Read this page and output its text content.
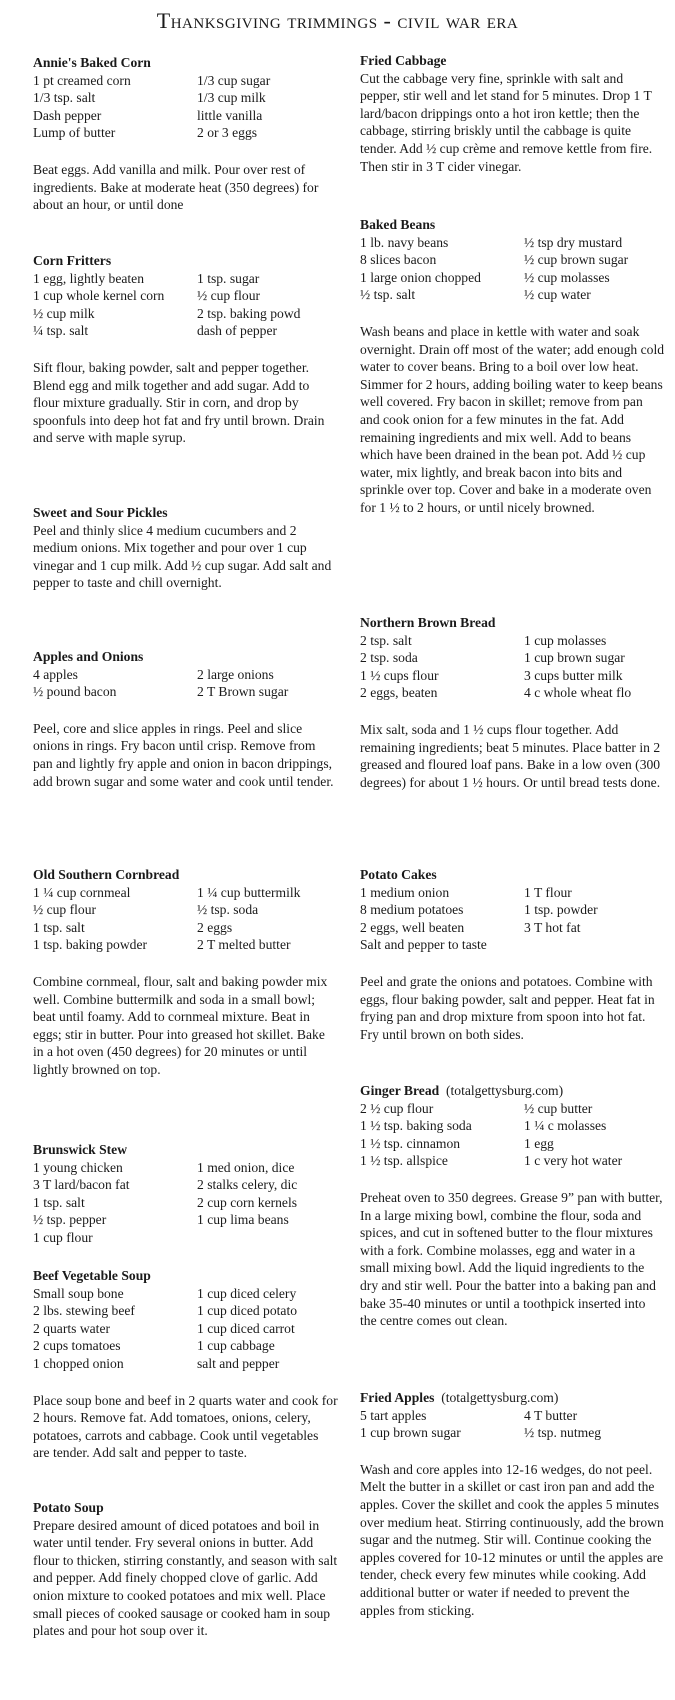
Thanksgiving trimmings - civil war era
Annie's Baked Corn
1 pt creamed corn	1/3 cup sugar
1/3 tsp. salt	1/3 cup milk
Dash pepper	little vanilla
Lump of butter	2 or 3 eggs
Beat eggs. Add vanilla and milk. Pour over rest of ingredients. Bake at moderate heat (350 degrees) for about an hour, or until done
Corn Fritters
1 egg, lightly beaten	1 tsp. sugar
1 cup whole kernel corn	½ cup flour
½ cup milk	2 tsp. baking powd
¼ tsp. salt	dash of pepper
Sift flour, baking powder, salt and pepper together. Blend egg and milk together and add sugar. Add to flour mixture gradually. Stir in corn, and drop by spoonfuls into deep hot fat and fry until brown. Drain and serve with maple syrup.
Sweet and Sour Pickles
Peel and thinly slice 4 medium cucumbers and 2 medium onions. Mix together and pour over 1 cup vinegar and 1 cup milk. Add ½ cup sugar. Add salt and pepper to taste and chill overnight.
Apples and Onions
4 apples	2 large onions
½ pound bacon	2 T Brown sugar
Peel, core and slice apples in rings. Peel and slice onions in rings. Fry bacon until crisp. Remove from pan and lightly fry apple and onion in bacon drippings, add brown sugar and some water and cook until tender.
Old Southern Cornbread
1 ¼ cup cornmeal	1 ¼ cup buttermilk
½ cup flour	½ tsp. soda
1 tsp. salt	2 eggs
1 tsp. baking powder	2 T melted butter
Combine cornmeal, flour, salt and baking powder mix well. Combine buttermilk and soda in a small bowl; beat until foamy. Add to cornmeal mixture. Beat in eggs; stir in butter. Pour into greased hot skillet. Bake in a hot oven (450 degrees) for 20 minutes or until lightly browned on top.
Brunswick Stew
1 young chicken	1 med onion, dice
3 T lard/bacon fat	2 stalks celery, dic
1 tsp. salt	2 cup corn kernels
½ tsp. pepper	1 cup lima beans
1 cup flour
Beef Vegetable Soup
Small soup bone	1 cup diced celery
2 lbs. stewing beef	1 cup diced potato
2 quarts water	1 cup diced carrot
2 cups tomatoes	1 cup cabbage
1 chopped onion	salt and pepper
Place soup bone and beef in 2 quarts water and cook for 2 hours. Remove fat. Add tomatoes, onions, celery, potatoes, carrots and cabbage. Cook until vegetables are tender. Add salt and pepper to taste.
Potato Soup
Prepare desired amount of diced potatoes and boil in water until tender. Fry several onions in butter. Add flour to thicken, stirring constantly, and season with salt and pepper. Add finely chopped clove of garlic. Add onion mixture to cooked potatoes and mix well. Place small pieces of cooked sausage or cooked ham in soup plates and pour hot soup over it.
Fried Cabbage
Cut the cabbage very fine, sprinkle with salt and pepper, stir well and let stand for 5 minutes. Drop 1 T lard/bacon drippings onto a hot iron kettle; then the cabbage, stirring briskly until the cabbage is quite tender. Add ½ cup crème and remove kettle from fire. Then stir in 3 T cider vinegar.
Baked Beans
1 lb. navy beans	½ tsp dry mustard
8 slices bacon	½ cup brown sugar
1 large onion chopped	½ cup molasses
½ tsp. salt	½ cup water
Wash beans and place in kettle with water and soak overnight. Drain off most of the water; add enough cold water to cover beans. Bring to a boil over low heat. Simmer for 2 hours, adding boiling water to keep beans well covered. Fry bacon in skillet; remove from pan and cook onion for a few minutes in the fat. Add remaining ingredients and mix well. Add to beans which have been drained in the bean pot. Add ½ cup water, mix lightly, and break bacon into bits and sprinkle over top. Cover and bake in a moderate oven for 1 ½ to 2 hours, or until nicely browned.
Northern Brown Bread
2 tsp. salt	1 cup molasses
2 tsp. soda	1 cup brown sugar
1 ½ cups flour	3 cups butter milk
2 eggs, beaten	4 c whole wheat flo
Mix salt, soda and 1 ½ cups flour together. Add remaining ingredients; beat 5 minutes. Place batter in 2 greased and floured loaf pans. Bake in a low oven (300 degrees) for about 1 ½ hours. Or until bread tests done.
Potato Cakes
1 medium onion	1 T flour
8 medium potatoes	1 tsp. powder
2 eggs, well beaten	3 T hot fat
Salt and pepper to taste
Peel and grate the onions and potatoes. Combine with eggs, flour baking powder, salt and pepper. Heat fat in frying pan and drop mixture from spoon into hot fat. Fry until brown on both sides.
Ginger Bread (totalgettysburg.com)
2 ½ cup flour	½ cup butter
1 ½ tsp. baking soda	1 ¼ c molasses
1 ½ tsp. cinnamon	1 egg
1 ½ tsp. allspice	1 c very hot water
Preheat oven to 350 degrees. Grease 9” pan with butter, In a large mixing bowl, combine the flour, soda and spices, and cut in softened butter to the flour mixtures with a fork. Combine molasses, egg and water in a small mixing bowl. Add the liquid ingredients to the dry and stir well. Pour the batter into a baking pan and bake 35-40 minutes or until a toothpick inserted into the centre comes out clean.
Fried Apples (totalgettysburg.com)
5 tart apples	4 T butter
1 cup brown sugar	½ tsp. nutmeg
Wash and core apples into 12-16 wedges, do not peel. Melt the butter in a skillet or cast iron pan and add the apples. Cover the skillet and cook the apples 5 minutes over medium heat. Stirring continuously, add the brown sugar and the nutmeg. Stir will. Continue cooking the apples covered for 10-12 minutes or until the apples are tender, check every few minutes while cooking. Add additional butter or water if needed to prevent the apples from sticking.
